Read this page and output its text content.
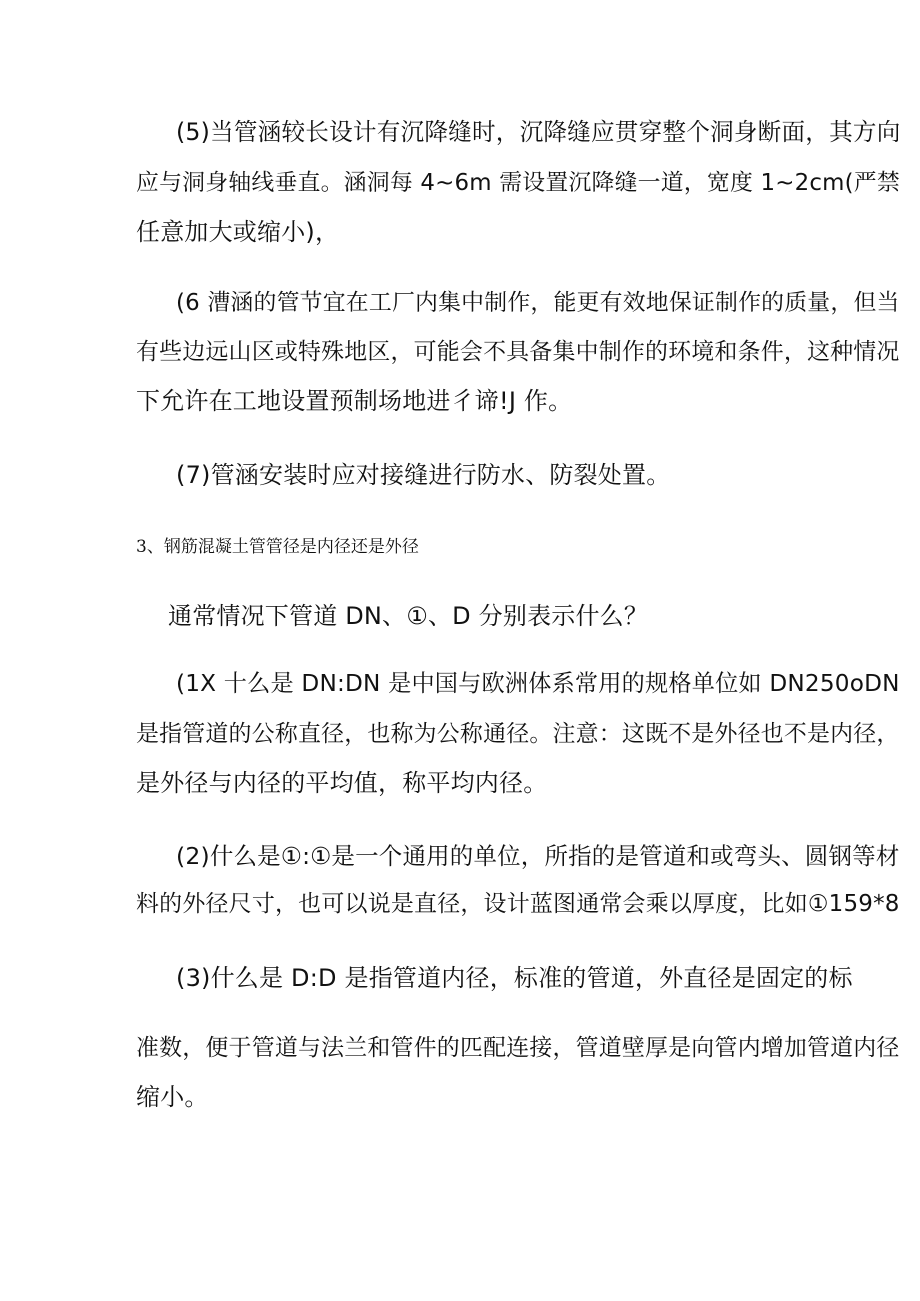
(5)当管涵较长设计有沉降缝时，沉降缝应贯穿整个洞身断面，其方向
应与洞身轴线垂直。涵洞每 4~6m 需设置沉降缝一道，宽度 1~2cm(严禁
任意加大或缩小)，
(6 漕涵的管节宜在工厂内集中制作，能更有效地保证制作的质量，但当
有些边远山区或特殊地区，可能会不具备集中制作的环境和条件，这种情况
下允许在工地设置预制场地进彳谛!J 作。
(7)管涵安装时应对接缝进行防水、防裂处置。
3、钢筋混凝土管管径是内径还是外径
通常情况下管道 DN、①、D 分别表示什么？
(1X 十么是 DN:DN 是中国与欧洲体系常用的规格单位如 DN250oDN
是指管道的公称直径，也称为公称通径。注意：这既不是外径也不是内径，
是外径与内径的平均值，称平均内径。
(2)什么是①:①是一个通用的单位，所指的是管道和或弯头、圆钢等材
料的外径尺寸，也可以说是直径，设计蓝图通常会乘以厚度，比如①159*8
(3)什么是 D:D 是指管道内径，标准的管道，外直径是固定的标
准数，便于管道与法兰和管件的匹配连接，管道壁厚是向管内增加管道内径
缩小。
